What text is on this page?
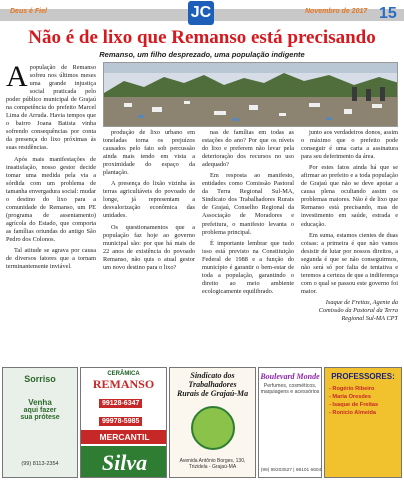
Deus é Fiel	JC	Novembro de 2017 15
Não é de lixo que Remanso está precisando
Remanso, um filho desprezado, uma população indigente

Apopulação de Remanso sofreu nos últimos meses uma grande injustiça social praticada pelo poder público municipal de Grajaú na competência do prefeito Marcel Lima de Arruda. Havia tempos que o bairro Joana Batista vinha sofrendo consequências por conta da presença do lixo próximas às suas residências.

Após mais manifestações de insatisfação, nosso gestor decide tomar uma medida pela via a sórdida com um problema de tamanha envergadura social: mudar o destino do lixo para a comunidade de Remanso, um PE (programa de assentamento) agrícola do Estado, que comporta as famílias oriundas do antigo São Pedro dos Colonos.

Tal atitude se agrava por causa de diversos fatores que a tornam terminantemente inviável.

produção de lixo urbano em toneladas torna os prejuízos causados pelo fato sob percussão ainda mais tendo em vista a proximidade do espaço da plantação.

A presença do lixão vizinha às terras agricultáveis do povoado de longe, já representam a desvalorização econômica das unidades.

Os questionamentos que a população faz hoje ao governo municipal são: por que há mais de 22 anos de existência do povoado Remanso, não quis o atual gestor um novo destino para o lixo?

nas de famílias em todas as estações do ano? Por que os níveis do lixo e preferem não levar pela deterioração dos recursos no uso adequado?

Em resposta ao manifesto, entidades como Comissão Pastoral da Terra Regional Sul-MA, Sindicato dos Trabalhadores Rurais de Grajaú, Conselho Regional da Associação de Moradores e prefeitura, o manifesto levanta o problema principal.

É importante lembrar que tudo isso está previsto na Constituição Federal de 1988 e a função do município é garantir o bem-estar de toda a população, garantindo o direito ao meio ambiente ecologicamente equilibrado.

junto aos verdadeiros donos, assim o máximo que o prefeito pode conseguir é uma carta a assinatura para seu deferimento da área.

Por estes fatos ainda há que se afirmar ao prefeito e a toda população de Grajaú que não se deve apoiar a causa plena ocultando assim os problemas maiores. Não é de lixo que Remanso está precisando, mas de investimento em saúde, estrada e educação.

Em suma, estamos cientes de duas coisas: a primeira é que não vamos desistir de lutar por nossos direitos, a segunda é que se não conseguirmos, não será só por falta de tentativa e teremos a certeza de que a indiferença com o qual se passou este governo foi maior.

Isaque de Freitas, Agente da Comissão da Pastoral da Terra Regional Sul-MA CPT

Sorriso
Venha
aqui fazer
sua prótese
(99) 8113-2354
CERÂMICA
REMANSO
99128-6347
99978-5985
MERCANTIL
Silva
Sindicato dos
Trabalhadores
Rurais de Grajaú-Ma
Avenida Antônio Borges, 130, Trizidela - Grajaú-MA
Boulevard Monde
Perfumes, cosméticos, maquiagens e acessórios
(99) 99203527 | 98101 6604
PROFESSORES:
- Rogério Ribeiro
- Maria Oresdes
- Isaque de Freitas
- Ronicio Almeida
